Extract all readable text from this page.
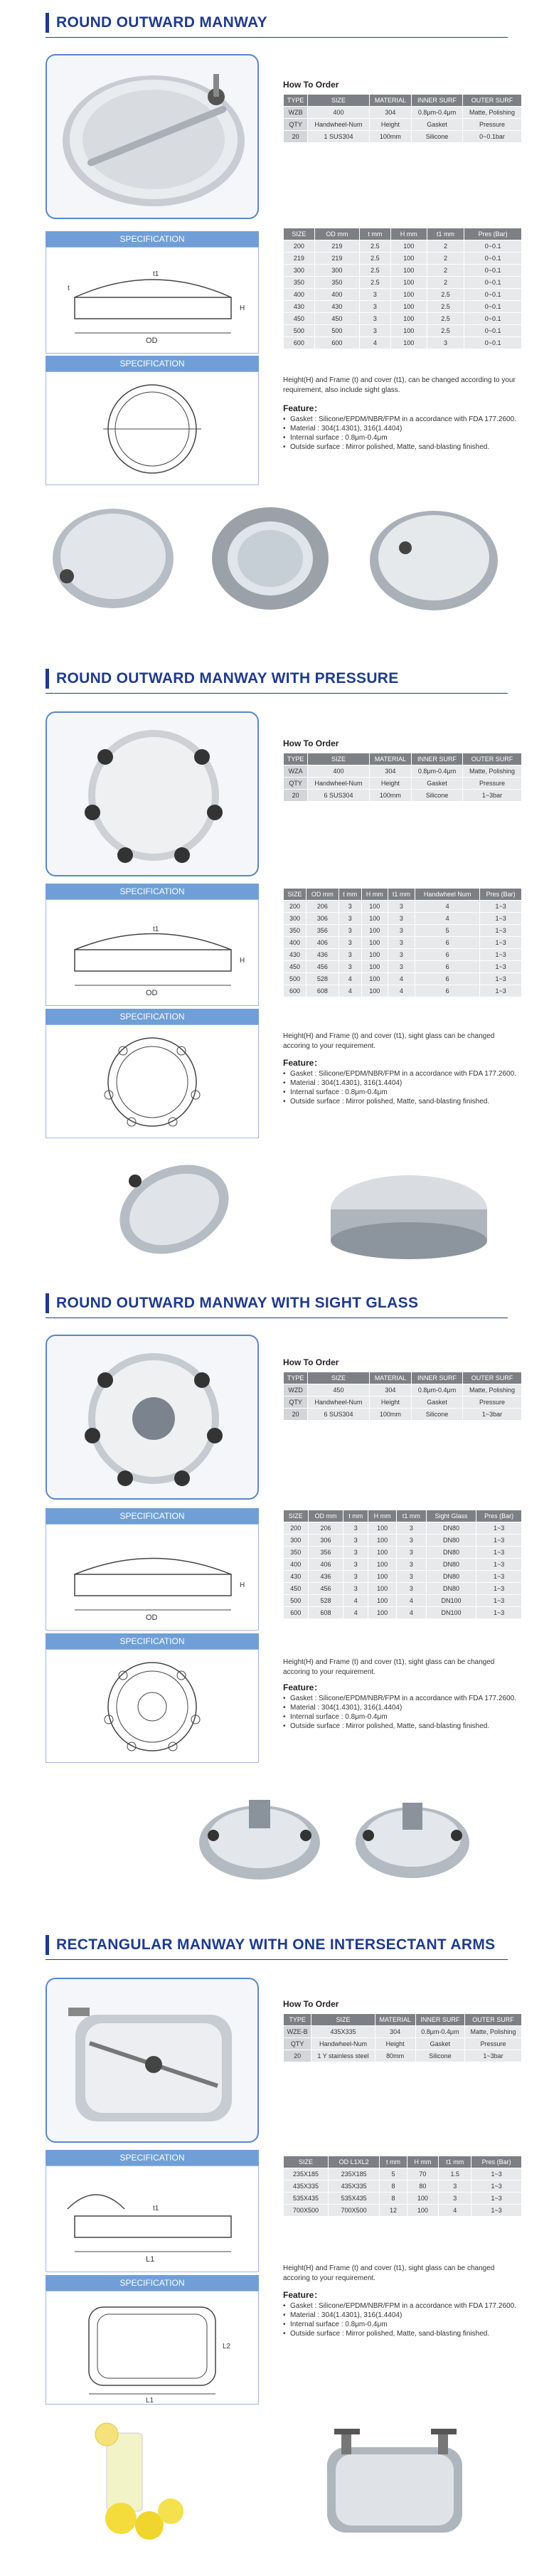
ROUND OUTWARD MANWAY
How To Order
TYPE	SIZE	MATERIAL	INNER SURF	OUTER SURF
WZB	400	304	0.8μm-0.4μm	Matte, Polishing
QTY	Handwheel-Num	Height	Gasket	Pressure
20	1 SUS304	100mm	Silicone	0~0.1bar
SPECIFICATION
OD
H
t
t1
SIZE	OD mm	t mm	H mm	t1 mm	Pres (Bar)
200	219	2.5	100	2	0~0.1
219	219	2.5	100	2	0~0.1
300	300	2.5	100	2	0~0.1
350	350	2.5	100	2	0~0.1
400	400	3	100	2.5	0~0.1
430	430	3	100	2.5	0~0.1
450	450	3	100	2.5	0~0.1
500	500	3	100	2.5	0~0.1
600	600	4	100	3	0~0.1
SPECIFICATION
Height(H) and Frame (t) and cover (t1), can be changed according to your requirement, also include sight glass.
Feature：
• Gasket : Silicone/EPDM/NBR/FPM in a accordance with FDA 177.2600.
• Material : 304(1.4301), 316(1.4404)
• Internal surface : 0.8μm-0.4μm
• Outside surface : Mirror polished, Matte, sand-blasting finished.
ROUND OUTWARD MANWAY WITH PRESSURE
How To Order
TYPE	SIZE	MATERIAL	INNER SURF	OUTER SURF
WZA	400	304	0.8μm-0.4μm	Matte, Polishing
QTY	Handwheel-Num	Height	Gasket	Pressure
20	6 SUS304	100mm	Silicone	1~3bar
SPECIFICATION
OD
H
t1
SIZE	OD mm	t mm	H mm	t1 mm	Handwheel Num	Pres (Bar)
200	206	3	100	3	4	1~3
300	306	3	100	3	4	1~3
350	356	3	100	3	5	1~3
400	406	3	100	3	6	1~3
430	436	3	100	3	6	1~3
450	456	3	100	3	6	1~3
500	528	4	100	4	6	1~3
600	608	4	100	4	6	1~3
SPECIFICATION
Height(H) and Frame (t) and cover (t1), sight glass can be changed accoring to your requirement.
Feature：
• Gasket : Silicone/EPDM/NBR/FPM in a accordance with FDA 177.2600.
• Material : 304(1.4301), 316(1.4404)
• Internal surface : 0.8μm-0.4μm
• Outside surface : Mirror polished, Matte, sand-blasting finished.
ROUND OUTWARD MANWAY WITH SIGHT GLASS
How To Order
TYPE	SIZE	MATERIAL	INNER SURF	OUTER SURF
WZD	450	304	0.8μm-0.4μm	Matte, Polishing
QTY	Handwheel-Num	Height	Gasket	Pressure
20	6 SUS304	100mm	Silicone	1~3bar
SPECIFICATION
OD
H
SIZE	OD mm	t mm	H mm	t1 mm	Sight Glass	Pres (Bar)
200	206	3	100	3	DN80	1~3
300	306	3	100	3	DN80	1~3
350	356	3	100	3	DN80	1~3
400	406	3	100	3	DN80	1~3
430	436	3	100	3	DN80	1~3
450	456	3	100	3	DN80	1~3
500	528	4	100	4	DN100	1~3
600	608	4	100	4	DN100	1~3
SPECIFICATION
Height(H) and Frame (t) and cover (t1), sight glass can be changed accoring to your requirement.
Feature：
• Gasket : Silicone/EPDM/NBR/FPM in a accordance with FDA 177.2600.
• Material : 304(1.4301), 316(1.4404)
• Internal surface : 0.8μm-0.4μm
• Outside surface : Mirror polished, Matte, sand-blasting finished.
RECTANGULAR MANWAY WITH ONE INTERSECTANT ARMS
How To Order
TYPE	SIZE	MATERIAL	INNER SURF	OUTER SURF
WZE-B	435X335	304	0.8μm-0.4μm	Matte, Polishing
QTY	Handwheel-Num	Height	Gasket	Pressure
20	1 Y stainless steel	80mm	Silicone	1~3bar
SPECIFICATION
L1
t1
SIZE	OD L1XL2	t mm	H mm	t1 mm	Pres (Bar)
235X185	235X185	5	70	1.5	1~3
435X335	435X335	8	80	3	1~3
535X435	535X435	8	100	3	1~3
700X500	700X500	12	100	4	1~3
SPECIFICATION
L1
L2
Height(H) and Frame (t) and cover (t1), sight glass can be changed accoring to your requirement.
Feature：
• Gasket : Silicone/EPDM/NBR/FPM in a accordance with FDA 177.2600.
• Material : 304(1.4301), 316(1.4404)
• Internal surface : 0.8μm-0.4μm
• Outside surface : Mirror polished, Matte, sand-blasting finished.
